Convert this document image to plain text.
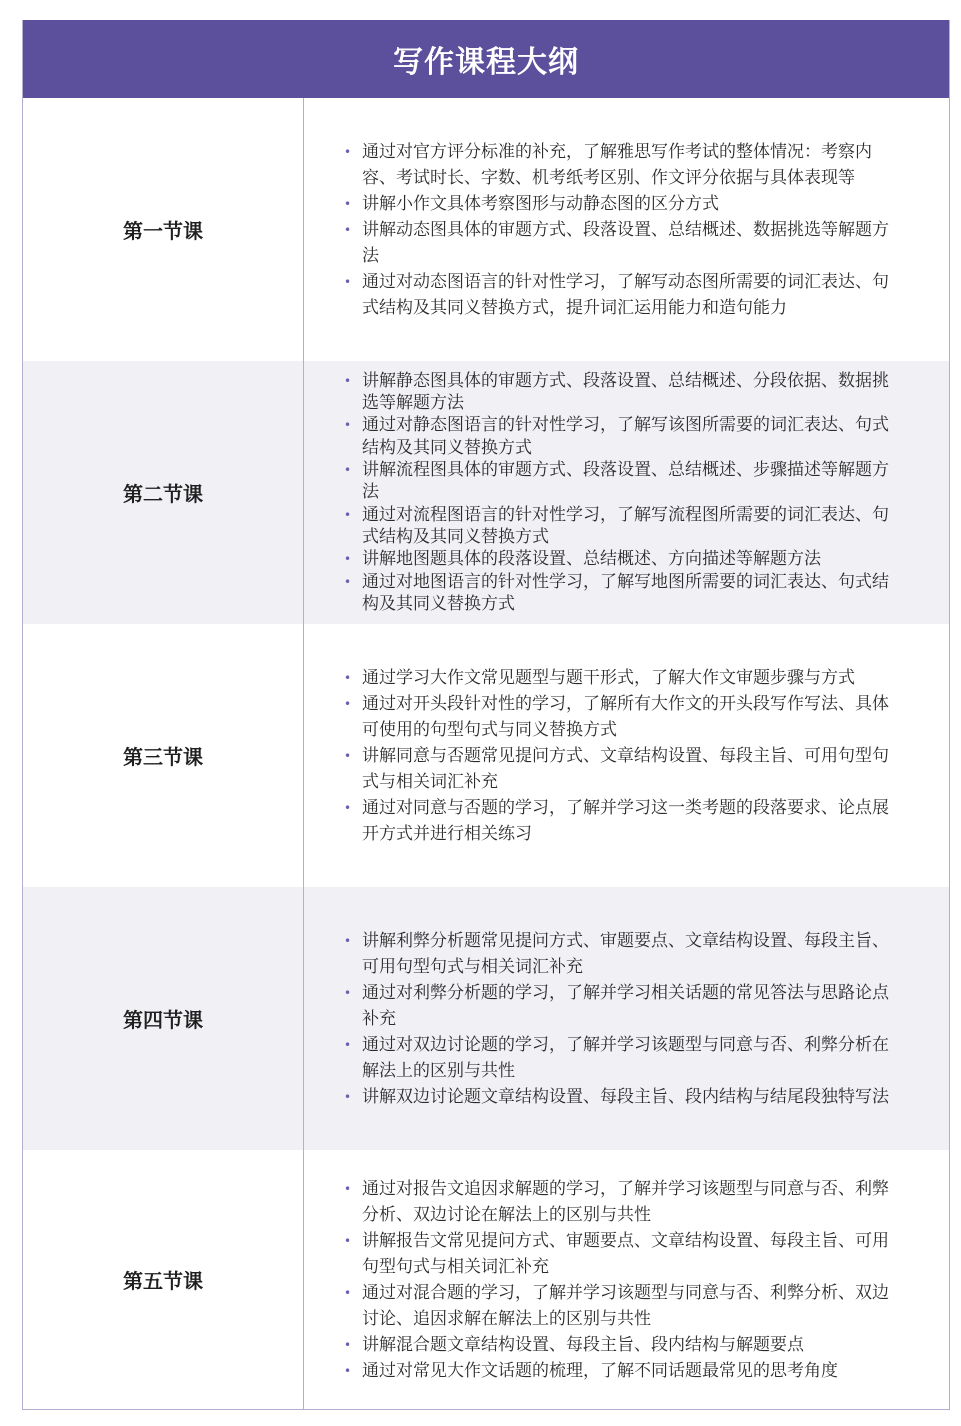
写作课程大纲
第一节课
• 通过对官方评分标准的补充，了解雅思写作考试的整体情况：考察内容、考试时长、字数、机考纸考区别、作文评分依据与具体表现等
• 讲解小作文具体考察图形与动静态图的区分方式
• 讲解动态图具体的审题方式、段落设置、总结概述、数据挑选等解题方法
• 通过对动态图语言的针对性学习，了解写动态图所需要的词汇表达、句式结构及其同义替换方式，提升词汇运用能力和造句能力
第二节课
• 讲解静态图具体的审题方式、段落设置、总结概述、分段依据、数据挑选等解题方法
• 通过对静态图语言的针对性学习，了解写该图所需要的词汇表达、句式结构及其同义替换方式
• 讲解流程图具体的审题方式、段落设置、总结概述、步骤描述等解题方法
• 通过对流程图语言的针对性学习，了解写流程图所需要的词汇表达、句式结构及其同义替换方式
• 讲解地图题具体的段落设置、总结概述、方向描述等解题方法
• 通过对地图语言的针对性学习，了解写地图所需要的词汇表达、句式结构及其同义替换方式
第三节课
• 通过学习大作文常见题型与题干形式，了解大作文审题步骤与方式
• 通过对开头段针对性的学习，了解所有大作文的开头段写作写法、具体可使用的句型句式与同义替换方式
• 讲解同意与否题常见提问方式、文章结构设置、每段主旨、可用句型句式与相关词汇补充
• 通过对同意与否题的学习，了解并学习这一类考题的段落要求、论点展开方式并进行相关练习
第四节课
• 讲解利弊分析题常见提问方式、审题要点、文章结构设置、每段主旨、可用句型句式与相关词汇补充
• 通过对利弊分析题的学习，了解并学习相关话题的常见答法与思路论点补充
• 通过对双边讨论题的学习，了解并学习该题型与同意与否、利弊分析在解法上的区别与共性
• 讲解双边讨论题文章结构设置、每段主旨、段内结构与结尾段独特写法
第五节课
• 通过对报告文追因求解题的学习，了解并学习该题型与同意与否、利弊分析、双边讨论在解法上的区别与共性
• 讲解报告文常见提问方式、审题要点、文章结构设置、每段主旨、可用句型句式与相关词汇补充
• 通过对混合题的学习，了解并学习该题型与同意与否、利弊分析、双边讨论、追因求解在解法上的区别与共性
• 讲解混合题文章结构设置、每段主旨、段内结构与解题要点
• 通过对常见大作文话题的梳理，了解不同话题最常见的思考角度
